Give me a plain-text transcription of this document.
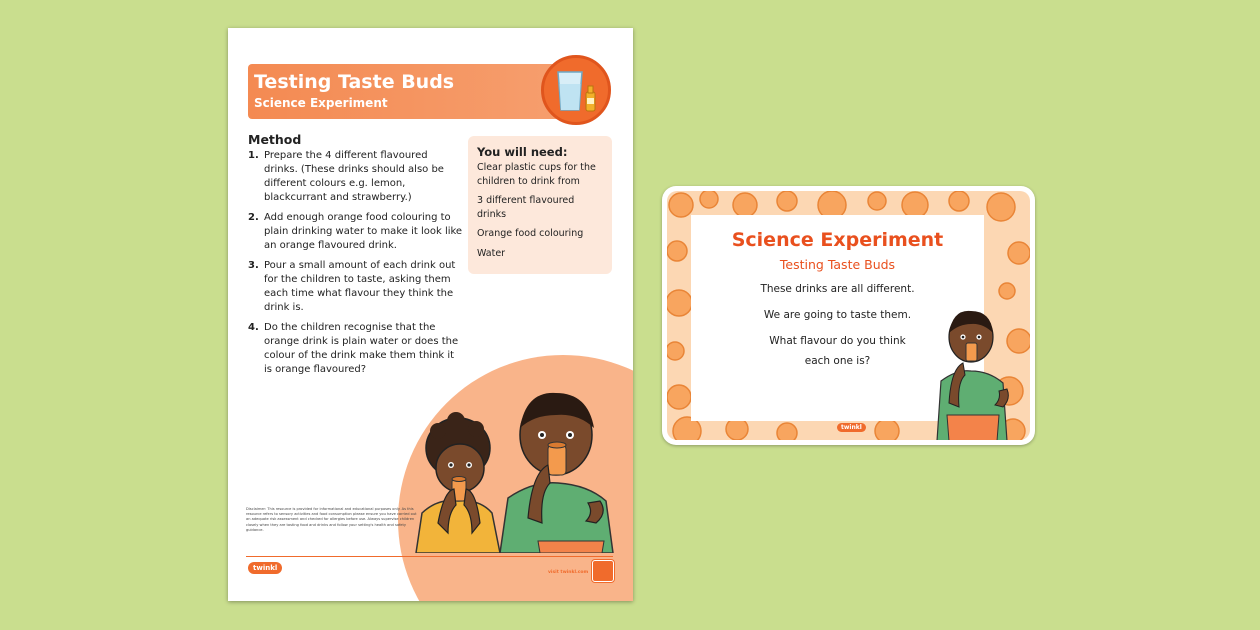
Testing Taste Buds
Science Experiment
Method
1. Prepare the 4 different flavoured drinks. (These drinks should also be different colours e.g. lemon, blackcurrant and strawberry.)
2. Add enough orange food colouring to plain drinking water to make it look like an orange flavoured drink.
3. Pour a small amount of each drink out for the children to taste, asking them each time what flavour they think the drink is.
4. Do the children recognise that the orange drink is plain water or does the colour of the drink make them think it is orange flavoured?
You will need:
Clear plastic cups for the children to drink from
3 different flavoured drinks
Orange food colouring
Water
Disclaimer: This resource is provided for informational and educational purposes only. As this resource refers to sensory activities and food consumption please ensure you have carried out an adequate risk assessment and checked for allergies before use. Always supervise children closely when they are tasting food and drinks and follow your setting's health and safety guidance.
twinkl
visit twinkl.com
Science Experiment
Testing Taste Buds
These drinks are all different.
We are going to taste them.
What flavour do you think
each one is?
twinkl
